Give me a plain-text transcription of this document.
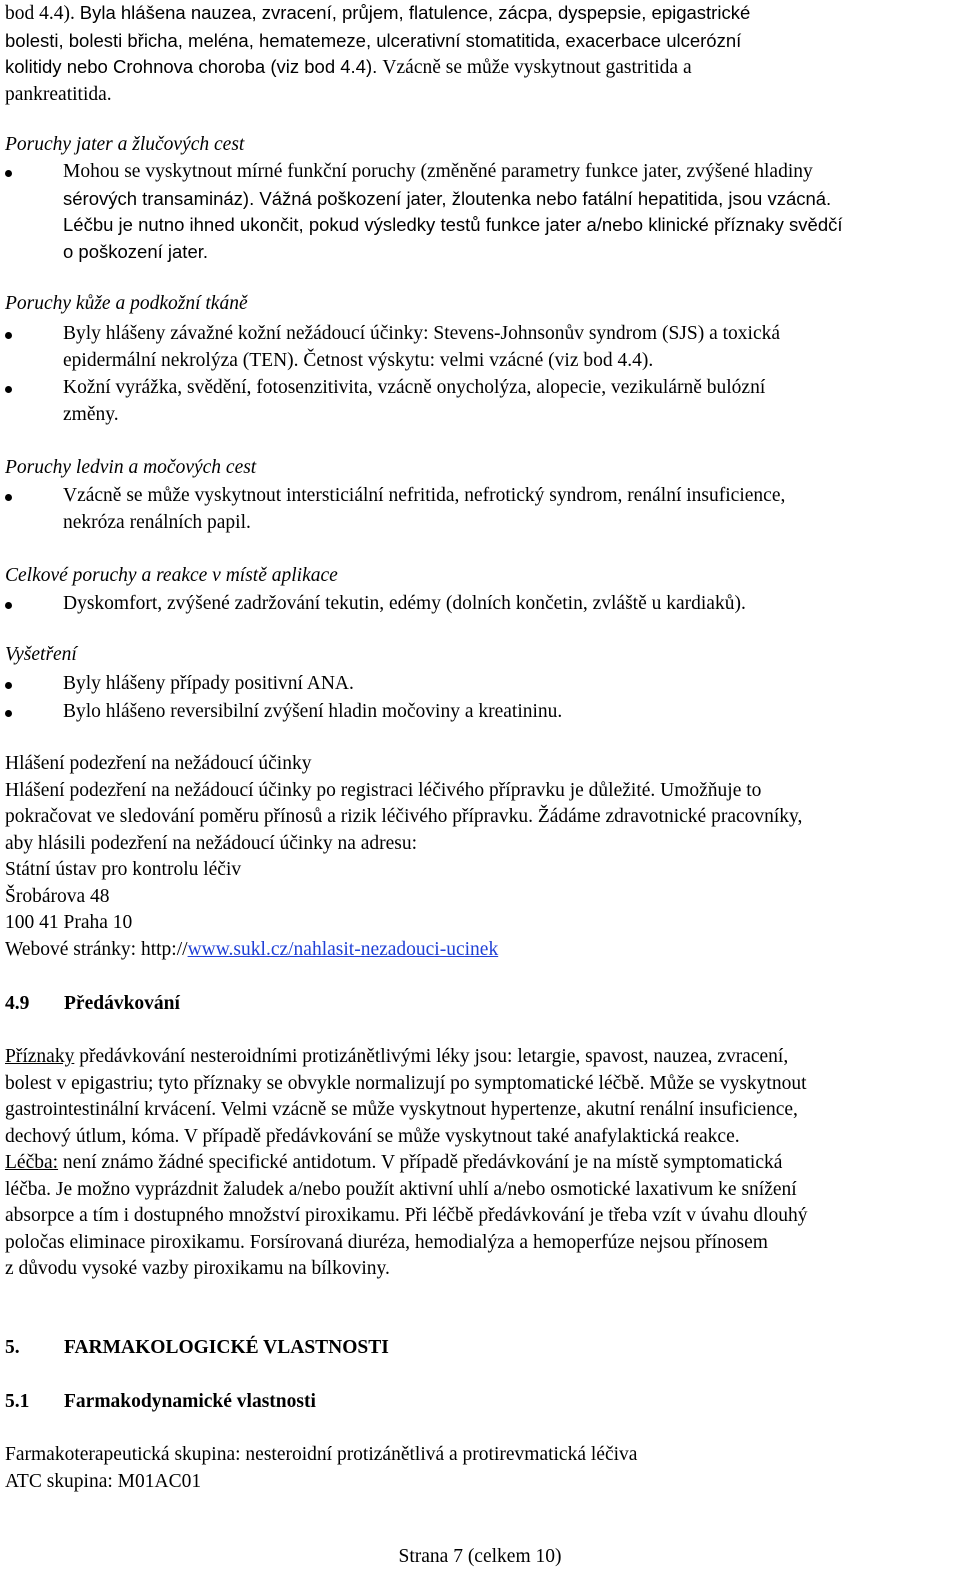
bod 4.4). Byla hlášena nauzea, zvracení, průjem, flatulence, zácpa, dyspepsie, epigastrické
bolesti, bolesti břicha, meléna, hematemeze, ulcerativní stomatitida, exacerbace ulcerózní
kolitidy nebo Crohnova choroba (viz bod 4.4). Vzácně se může vyskytnout gastritida a
pankreatitida.
Poruchy jater a žlučových cest
Mohou se vyskytnout mírné funkční poruchy (změněné parametry funkce jater, zvýšené hladiny
sérových transamináz). Vážná poškození jater, žloutenka nebo fatální hepatitida, jsou vzácná.
Léčbu je nutno ihned ukončit, pokud výsledky testů funkce jater a/nebo klinické příznaky svědčí
o poškození jater.
Poruchy kůže a podkožní tkáně
Byly hlášeny závažné kožní nežádoucí účinky: Stevens-Johnsonův syndrom (SJS) a toxická
epidermální nekrolýza (TEN). Četnost výskytu: velmi vzácné (viz bod 4.4).
Kožní vyrážka, svědění, fotosenzitivita, vzácně onycholýza, alopecie, vezikulárně bulózní
změny.
Poruchy ledvin a močových cest
Vzácně se může vyskytnout intersticiální nefritida, nefrotický syndrom, renální insuficience,
nekróza renálních papil.
Celkové poruchy a reakce v místě aplikace
Dyskomfort, zvýšené zadržování tekutin, edémy (dolních končetin, zvláště u kardiaků).
Vyšetření
Byly hlášeny případy positivní ANA.
Bylo hlášeno reversibilní zvýšení hladin močoviny a kreatininu.
Hlášení podezření na nežádoucí účinky
Hlášení podezření na nežádoucí účinky po registraci léčivého přípravku je důležité. Umožňuje to
pokračovat ve sledování poměru přínosů a rizik léčivého přípravku. Žádáme zdravotnické pracovníky,
aby hlásili podezření na nežádoucí účinky na adresu:
Státní ústav pro kontrolu léčiv
Šrobárova 48
100 41 Praha 10
Webové stránky: http://www.sukl.cz/nahlasit-nezadouci-ucinek
4.9 Předávkování
Příznaky předávkování nesteroidními protizánětlivými léky jsou: letargie, spavost, nauzea, zvracení,
bolest v epigastriu; tyto příznaky se obvykle normalizují po symptomatické léčbě. Může se vyskytnout
gastrointestinální krvácení. Velmi vzácně se může vyskytnout hypertenze, akutní renální insuficience,
dechový útlum, kóma. V případě předávkování se může vyskytnout také anafylaktická reakce.
Léčba: není známo žádné specifické antidotum. V případě předávkování je na místě symptomatická
léčba. Je možno vyprázdnit žaludek a/nebo použít aktivní uhlí a/nebo osmotické laxativum ke snížení
absorpce a tím i dostupného množství piroxikamu. Při léčbě předávkování je třeba vzít v úvahu dlouhý
poločas eliminace piroxikamu. Forsírovaná diuréza, hemodialýza a hemoperfúze nejsou přínosem
z důvodu vysoké vazby piroxikamu na bílkoviny.
5. FARMAKOLOGICKÉ VLASTNOSTI
5.1 Farmakodynamické vlastnosti
Farmakoterapeutická skupina: nesteroidní protizánětlivá a protirevmatická léčiva
ATC skupina: M01AC01
Strana 7 (celkem 10)
